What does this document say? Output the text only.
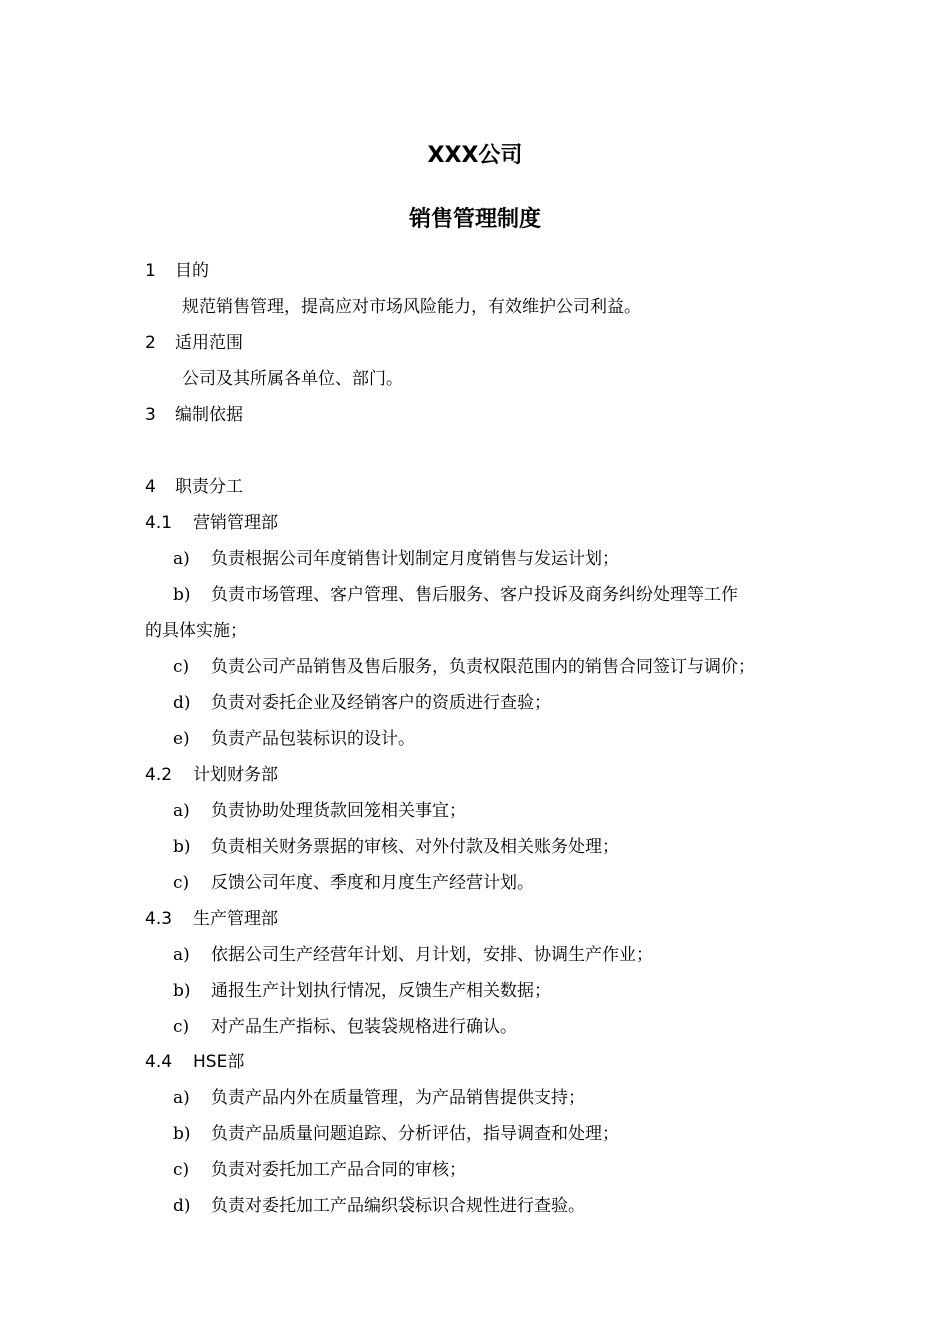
XXX公司
销售管理制度
1 目的
规范销售管理，提高应对市场风险能力，有效维护公司利益。
2 适用范围
公司及其所属各单位、部门。
3 编制依据
4 职责分工
4.1 营销管理部
a) 负责根据公司年度销售计划制定月度销售与发运计划；
b) 负责市场管理、客户管理、售后服务、客户投诉及商务纠纷处理等工作
的具体实施；
c) 负责公司产品销售及售后服务，负责权限范围内的销售合同签订与调价；
d) 负责对委托企业及经销客户的资质进行查验；
e) 负责产品包装标识的设计。
4.2 计划财务部
a) 负责协助处理货款回笼相关事宜；
b) 负责相关财务票据的审核、对外付款及相关账务处理；
c) 反馈公司年度、季度和月度生产经营计划。
4.3 生产管理部
a) 依据公司生产经营年计划、月计划，安排、协调生产作业；
b) 通报生产计划执行情况，反馈生产相关数据；
c) 对产品生产指标、包装袋规格进行确认。
4.4 HSE部
a) 负责产品内外在质量管理，为产品销售提供支持；
b) 负责产品质量问题追踪、分析评估，指导调查和处理；
c) 负责对委托加工产品合同的审核；
d) 负责对委托加工产品编织袋标识合规性进行查验。
